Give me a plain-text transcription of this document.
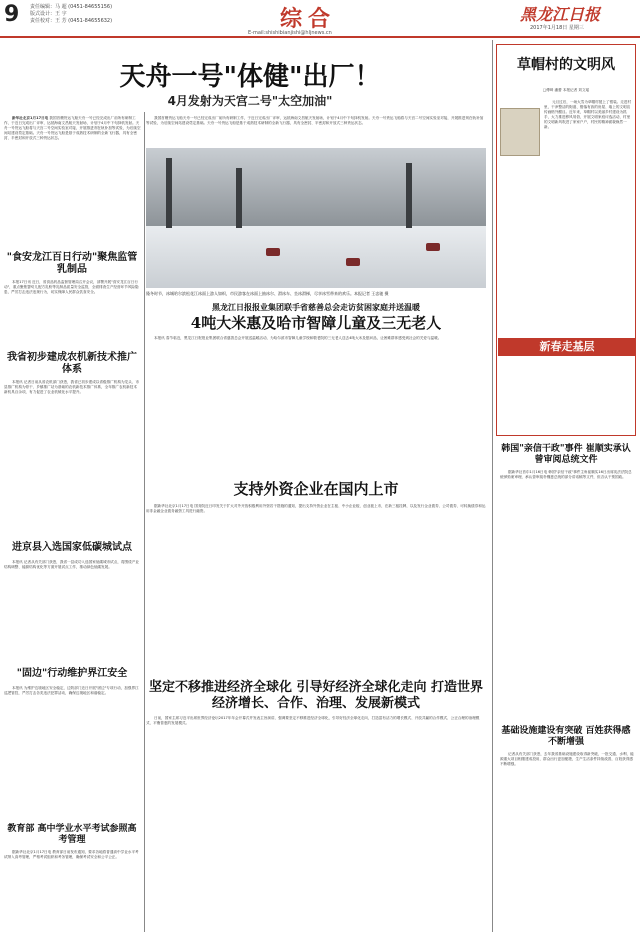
9 责任编辑：马 超 (0451-84655156)
版式设计：王 宇
责任校对：王 芳 (0451-84655632)	综合
E-mail:shishibianjishi@hljnews.cn
黑龙江日报
2017年1月18日 星期三
天舟一号"体健"出厂！
4月发射为天宫二号"太空加油"

新华社北京1月17日电 我国首艘货运飞船天舟一号已经完成出厂前所有研制工作，于近日完成出厂评审，运抵海南文昌航天发射场，计划于4月中下旬择机发射。天舟一号货运飞船将与天宫二号空间实验室对接，开展推进剂在轨补加等试验，为后续空间站建设奠定基础。天舟一号货运飞船是基于成熟技术研制的全新飞行器，具有全密封、半密封和开放式三种货运状态。

我国首艘货运飞船天舟一号已经完成出厂前所有研制工作，于近日完成出厂评审，运抵海南文昌航天发射场，计划于4月中下旬择机发射。天舟一号货运飞船将与天宫二号空间实验室对接，开展推进剂在轨补加等试验，为后续空间站建设奠定基础。天舟一号货运飞船是基于成熟技术研制的全新飞行器，具有全密封、半密封和开放式三种货运状态。

隆冬时节，冰城哈尔滨松花江冰面上游人如织，市民游客在冰面上抽冰尔、滑冰车、坐冰滑梯，尽享冰雪带来的欢乐。本报记者 王忠驰 摄
"食安龙江百日行动"聚焦监管乳制品

本报17日讯 近日，省食品药品监督管理局召开会议，部署开展"食安龙江百日行动"，重点聚焦婴幼儿配方乳粉等乳制品质量安全监管，全面排查生产经营环节风险隐患，严厉打击违法违规行为，切实保障人民群众饮食安全。

我省初步建成农机新技术推广体系

本报讯 记者日前从省农机部门获悉，我省已初步建成以省级推广机构为龙头、市县推广机构为骨干、乡镇推广站为基础的农机新技术推广体系，全年推广农机新技术新机具百余项，有力促进了农业机械化水平提升。

进京县入选国家低碳城试点

本报讯 记者从有关部门获悉，我省一县成功入选国家低碳城市试点，将围绕产业结构调整、能源结构优化等方面开展试点工作，推动绿色低碳发展。

"固边"行动维护界江安全

本报讯 为维护边境地区安全稳定，边防部门近日开展"固边"专项行动，加强界江巡逻管控，严厉打击各类违法犯罪活动，确保边境地区和谐稳定。

教育部 高中学业水平考试参照高考管理

据新华社北京1月17日电 教育部日前发布通知，要求各地将普通高中学业水平考试纳入高考管理，严格考试组织和考务管理，确保考试安全和公平公正。

黑龙江日报报业集团联手省慈善总会走访贫困家庭并送温暖
4吨大米惠及哈市智障儿童及三无老人

本报讯 春节临近，黑龙江日报报业集团联合省慈善总会开展送温暖活动，为哈尔滨市智障儿童学校和敬老院的三无老人送去4吨大米及慰问品，让困难群体感受到社会的关爱与温暖。

支持外资企业在国内上市

据新华社北京1月17日电 国务院近日印发关于扩大对外开放积极利用外资若干措施的通知，提出支持外资企业在主板、中小企业板、创业板上市，在新三板挂牌，以及发行企业债券、公司债券、可转换债券和运用非金融企业债务融资工具进行融资。

坚定不移推进经济全球化 引导好经济全球化走向 打造世界经济增长、合作、治理、发展新模式

日前，国家主席习近平出席世界经济论坛2017年年会开幕式并发表主旨演讲，强调要坚定不移推进经济全球化，引导好经济全球化走向，打造富有活力的增长模式、开放共赢的合作模式、公正合理的治理模式、平衡普惠的发展模式。

草帽村的文明风
□傅琦 潘蕾 本报记者 刘文瑶

元旦过后，一场大雪为草帽村披上了银装。走进村里，干净整洁的街道、错落有致的房屋、墙上的文明宣传画格外醒目。近年来，草帽村以美丽乡村建设为抓手，大力推进移风易俗，开展文明家庭评选活动，村里的文明新风吹进了家家户户，村民的精神面貌焕然一新。

新春走基层
韩国"亲信干政"事件 崔顺实承认曾审阅总统文件

据新华社首尔1月16日电 韩国"亲信干政"事件主角崔顺实16日出席宪法法院总统弹劾案审理，承认曾审阅朴槿惠总统的部分讲话稿等文件，但否认干预国政。

基础设施建设有突破 百姓获得感不断增强

记者从有关部门获悉，去年我省基础设施建设取得新突破，一批交通、水利、能源重大项目相继建成投用，群众出行更加便捷，生产生活条件持续改善，百姓获得感不断增强。
